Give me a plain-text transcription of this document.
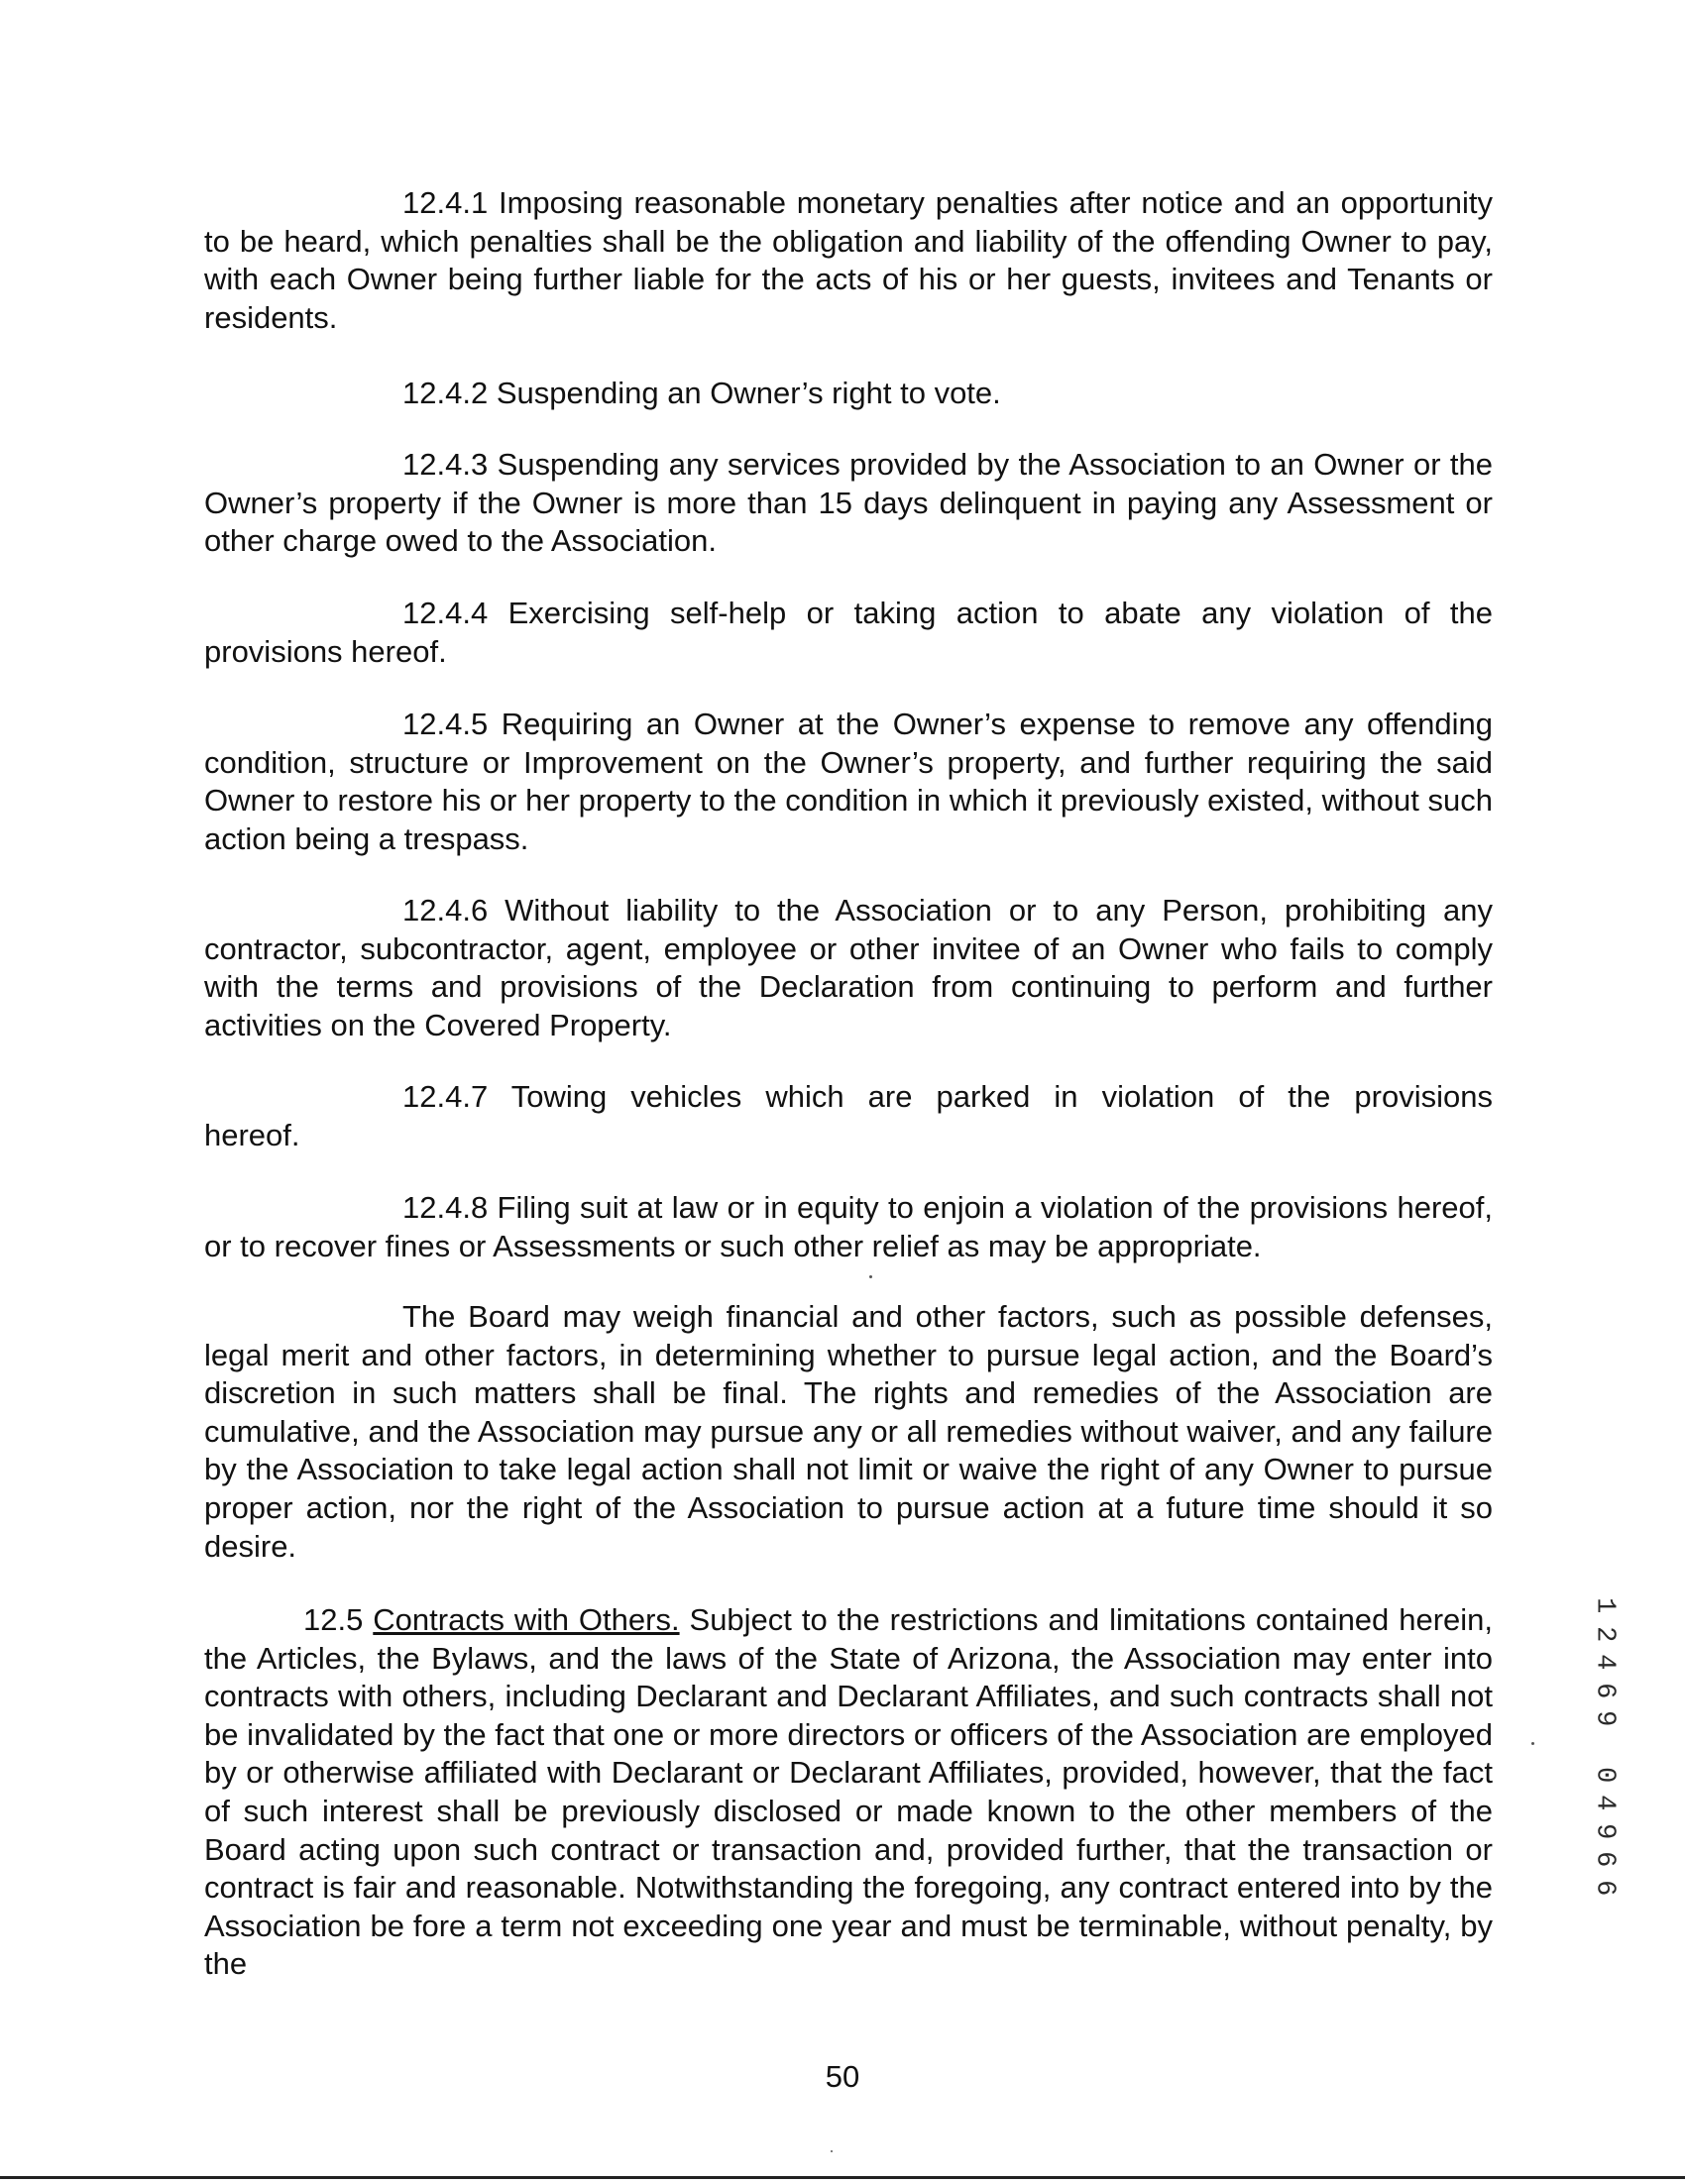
12.4.1 Imposing reasonable monetary penalties after notice and an opportunity to be heard, which penalties shall be the obligation and liability of the offending Owner to pay, with each Owner being further liable for the acts of his or her guests, invitees and Tenants or residents.

12.4.2 Suspending an Owner’s right to vote.

12.4.3 Suspending any services provided by the Association to an Owner or the Owner’s property if the Owner is more than 15 days delinquent in paying any Assessment or other charge owed to the Association.

12.4.4 Exercising self-help or taking action to abate any violation of the provisions hereof.

12.4.5 Requiring an Owner at the Owner’s expense to remove any offending condition, structure or Improvement on the Owner’s property, and further requiring the said Owner to restore his or her property to the condition in which it previously existed, without such action being a trespass.

12.4.6 Without liability to the Association or to any Person, prohibiting any contractor, subcontractor, agent, employee or other invitee of an Owner who fails to comply with the terms and provisions of the Declaration from continuing to perform and further activities on the Covered Property.

12.4.7 Towing vehicles which are parked in violation of the provisions

hereof.

12.4.8 Filing suit at law or in equity to enjoin a violation of the provisions hereof, or to recover fines or Assessments or such other relief as may be appropriate.

The Board may weigh financial and other factors, such as possible defenses, legal merit and other factors, in determining whether to pursue legal action, and the Board’s discretion in such matters shall be final. The rights and remedies of the Association are cumulative, and the Association may pursue any or all remedies without waiver, and any failure by the Association to take legal action shall not limit or waive the right of any Owner to pursue proper action, nor the right of the Association to pursue action at a future time should it so desire.

12.5 Contracts with Others. Subject to the restrictions and limitations contained herein, the Articles, the Bylaws, and the laws of the State of Arizona, the Association may enter into contracts with others, including Declarant and Declarant Affiliates, and such contracts shall not be invalidated by the fact that one or more directors or officers of the Association are employed by or otherwise affiliated with Declarant or Declarant Affiliates, provided, however, that the fact of such interest shall be previously disclosed or made known to the other members of the Board acting upon such contract or transaction and, provided further, that the transaction or contract is fair and reasonable. Notwithstanding the foregoing, any contract entered into by the Association be fore a term not exceeding one year and must be terminable, without penalty, by the

1
2
4
6
9
0
4
9
6
6

50
